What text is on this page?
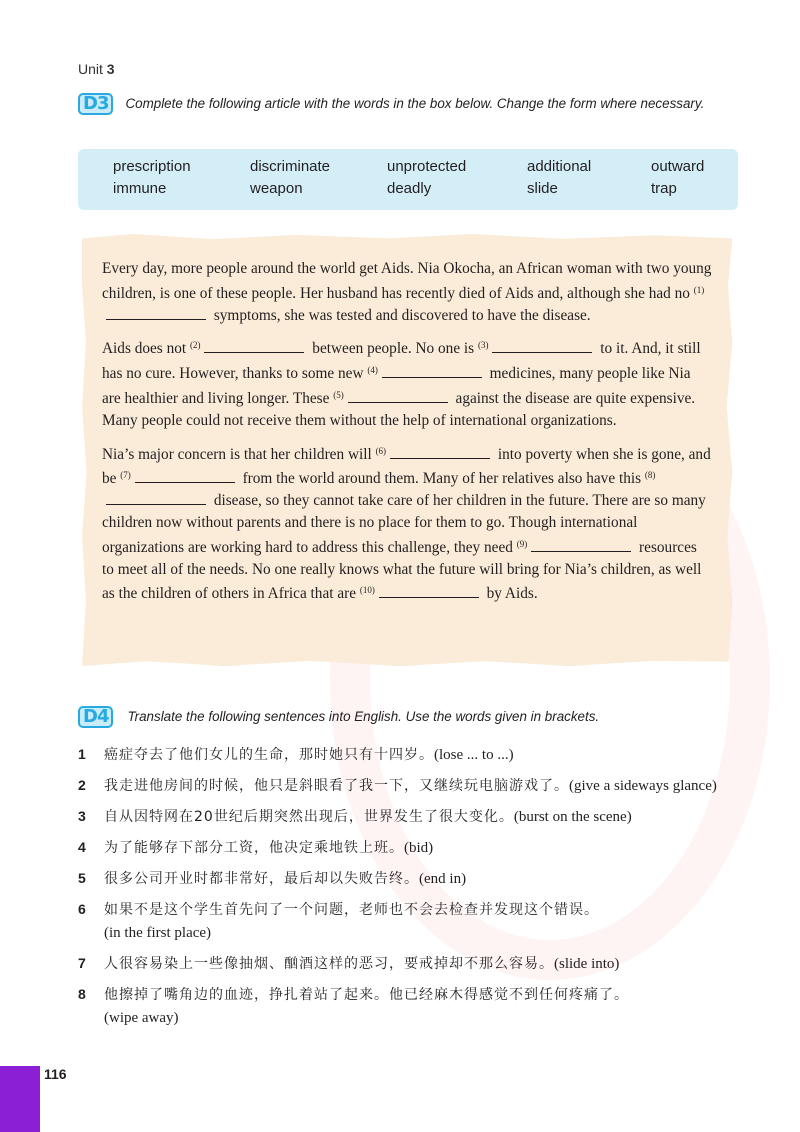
Unit 3
D3 Complete the following article with the words in the box below. Change the form where necessary.
prescription	discriminate	unprotected	additional	outward
immune	weapon	deadly	slide	trap

Every day, more people around the world get Aids. Nia Okocha, an African woman with two young children, is one of these people. Her husband has recently died of Aids and, although she had no $^{(1)}$ symptoms, she was tested and discovered to have the disease.

Aids does not $^{(2)}$	between people. No one is $^{(3)}$	to it. And, it still has no cure. However, thanks to some new $^{(4)}$	medicines, many people like Nia are healthier and living longer. These $^{(5)}$	against the disease are quite expensive. Many people could not receive them without the help of international organizations.

Nia’s major concern is that her children will $^{(6)}$	into poverty when she is gone, and be $^{(7)}$	from the world around them. Many of her relatives also have this $^{(8)}$ disease, so they cannot take care of her children in the future. There are so many children now without parents and there is no place for them to go. Though international organizations are working hard to address this challenge, they need $^{(9)}$	resources to meet all of the needs. No one really knows what the future will bring for Nia’s children, as well as the children of others in Africa that are $^{(10)}$	by Aids.

D4 Translate the following sentences into English. Use the words given in brackets.
1 癌症夺去了他们女儿的生命，那时她只有十四岁。(lose ... to ...)
2 我走进他房间的时候，他只是斜眼看了我一下，又继续玩电脑游戏了。(give a sideways glance)
3 自从因特网在20世纪后期突然出现后，世界发生了很大变化。(burst on the scene)
4 为了能够存下部分工资，他决定乘地铁上班。(bid)
5 很多公司开业时都非常好，最后却以失败告终。(end in)
6 如果不是这个学生首先问了一个问题，老师也不会去检查并发现这个错误。
(in the first place)
7 人很容易染上一些像抽烟、酗酒这样的恶习，要戒掉却不那么容易。(slide into)
8 他擦掉了嘴角边的血迹，挣扎着站了起来。他已经麻木得感觉不到任何疼痛了。
(wipe away)
116
